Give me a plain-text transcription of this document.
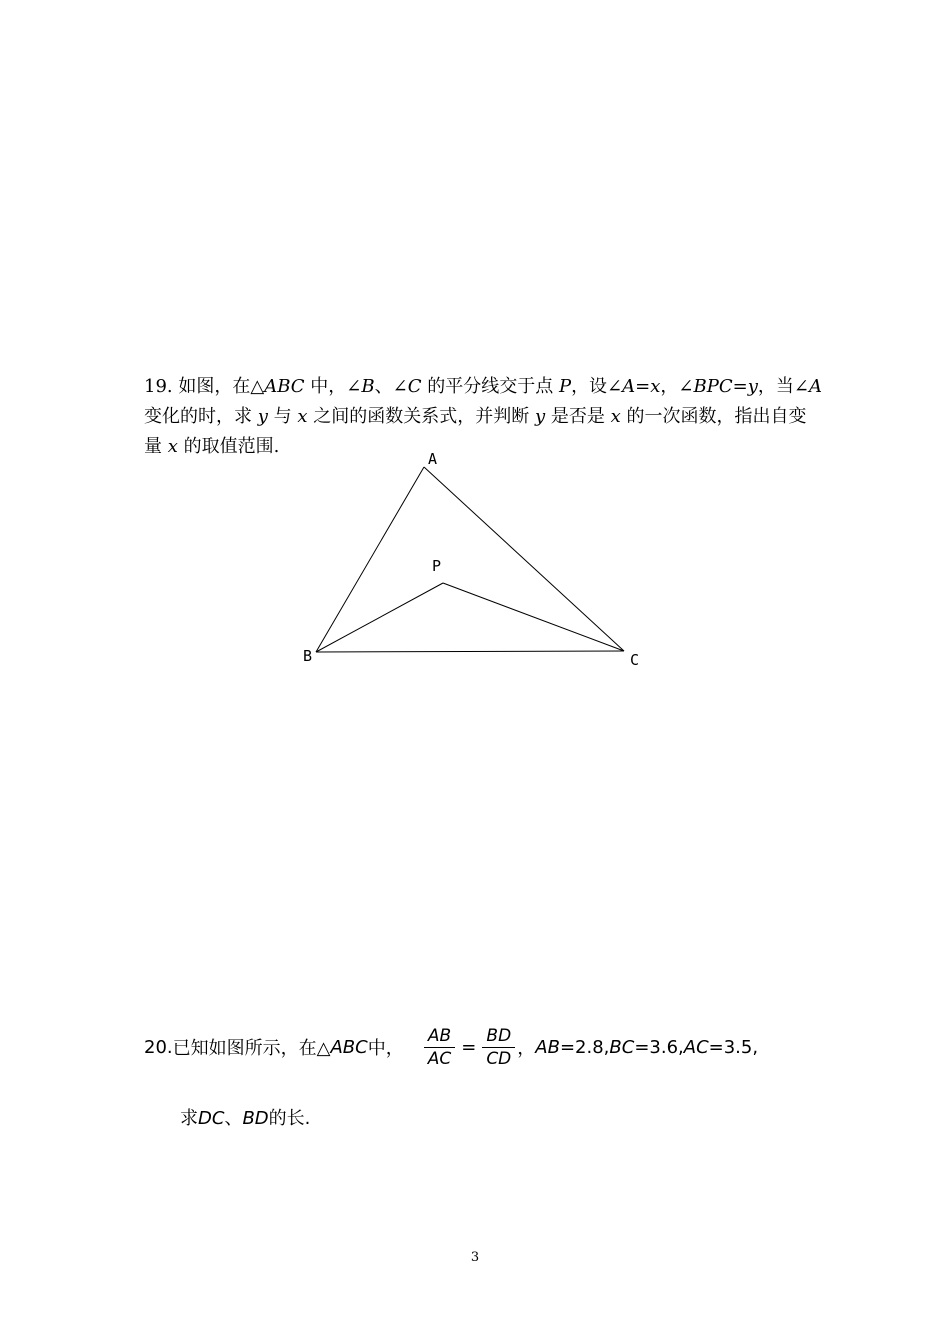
19. 如图，在△ABC 中，∠B、∠C 的平分线交于点 P，设∠A=x，∠BPC=y，当∠A
变化的时，求 y 与 x 之间的函数关系式，并判断 y 是否是 x 的一次函数，指出自变
量 x 的取值范围.
A
P
B	C
20. 已知如图所示，在△ ABC 中， $\frac{AB}{AC} = \frac{BD}{CD}$ ， AB =2.8, BC =3.6, AC =3.5,
求DC、BD的长.
3
